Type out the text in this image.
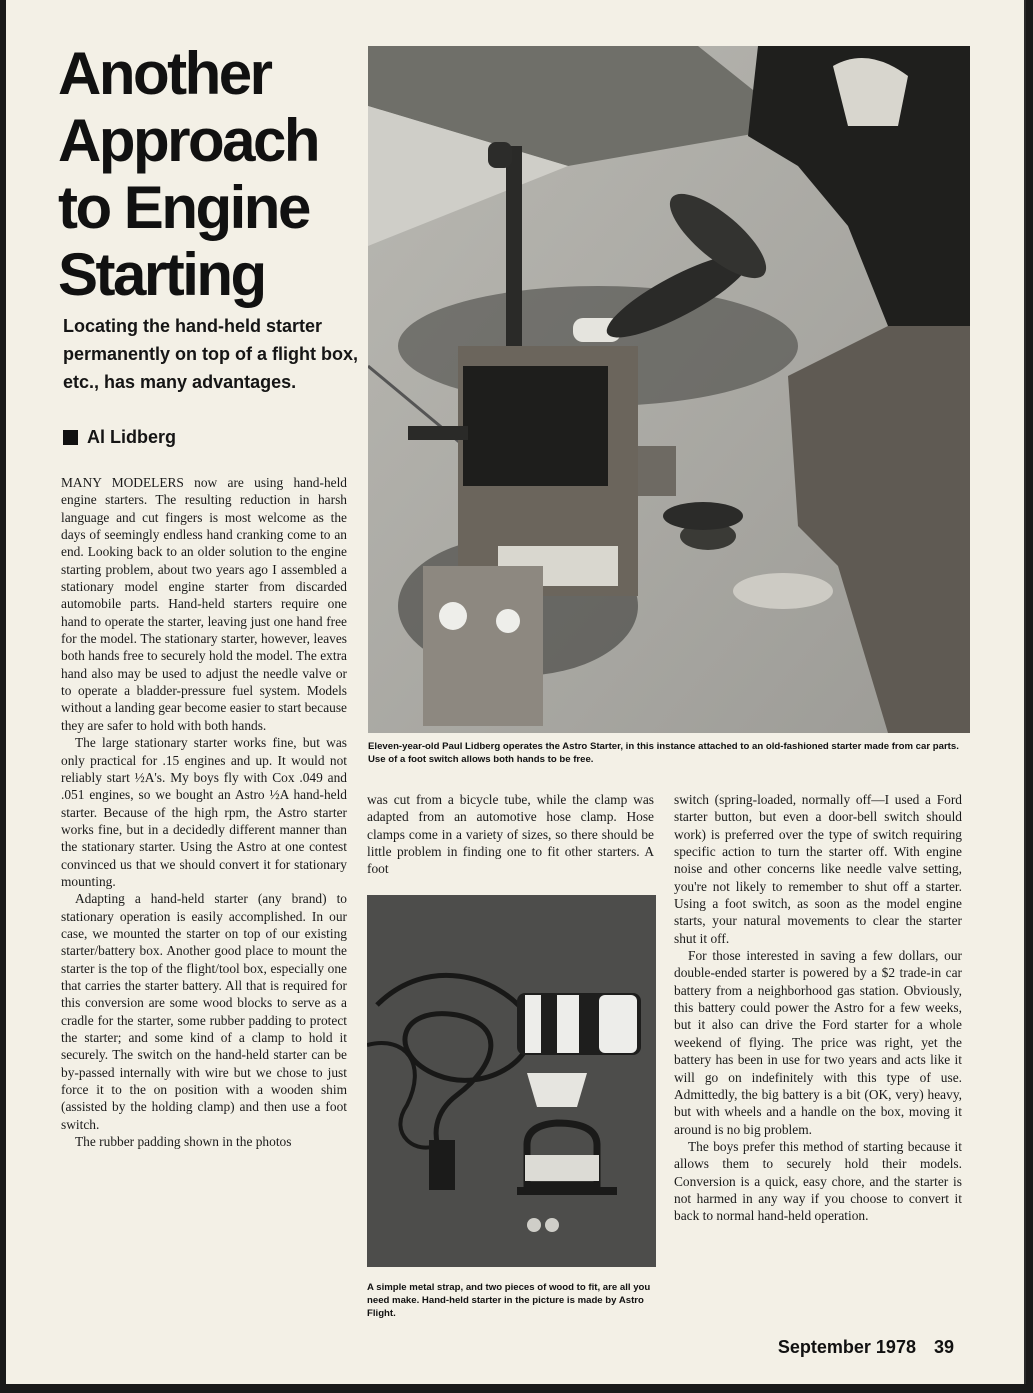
Another
Approach
to Engine
Starting
Locating the hand-held starter permanently on top of a flight box, etc., has many advantages.
Al Lidberg

MANY MODELERS now are using hand-held engine starters. The resulting reduction in harsh language and cut fingers is most welcome as the days of seemingly endless hand cranking come to an end. Looking back to an older solution to the engine starting problem, about two years ago I assembled a stationary model engine starter from discarded automobile parts. Hand-held starters require one hand to operate the starter, leaving just one hand free for the model. The stationary starter, however, leaves both hands free to securely hold the model. The extra hand also may be used to adjust the needle valve or to operate a bladder-pressure fuel system. Models without a landing gear become easier to start because they are safer to hold with both hands.

The large stationary starter works fine, but was only practical for .15 engines and up. It would not reliably start ½A's. My boys fly with Cox .049 and .051 engines, so we bought an Astro ½A hand-held starter. Because of the high rpm, the Astro starter works fine, but in a decidedly different manner than the stationary starter. Using the Astro at one contest convinced us that we should convert it for stationary mounting.

Adapting a hand-held starter (any brand) to stationary operation is easily accomplished. In our case, we mounted the starter on top of our existing starter/battery box. Another good place to mount the starter is the top of the flight/tool box, especially one that carries the starter battery. All that is required for this conversion are some wood blocks to serve as a cradle for the starter, some rubber padding to protect the starter; and some kind of a clamp to hold it securely. The switch on the hand-held starter can be by-passed internally with wire but we chose to just force it to the on position with a wooden shim (assisted by the holding clamp) and then use a foot switch.

The rubber padding shown in the photos

Eleven-year-old Paul Lidberg operates the Astro Starter, in this instance attached to an old-fashioned starter made from car parts. Use of a foot switch allows both hands to be free.

was cut from a bicycle tube, while the clamp was adapted from an automotive hose clamp. Hose clamps come in a variety of sizes, so there should be little problem in finding one to fit other starters. A foot

A simple metal strap, and two pieces of wood to fit, are all you need make. Hand-held starter in the picture is made by Astro Flight.

switch (spring-loaded, normally off—I used a Ford starter button, but even a door-bell switch should work) is preferred over the type of switch requiring specific action to turn the starter off. With engine noise and other concerns like needle valve setting, you're not likely to remember to shut off a starter. Using a foot switch, as soon as the model engine starts, your natural movements to clear the starter shut it off.

For those interested in saving a few dollars, our double-ended starter is powered by a $2 trade-in car battery from a neighborhood gas station. Obviously, this battery could power the Astro for a few weeks, but it also can drive the Ford starter for a whole weekend of flying. The price was right, yet the battery has been in use for two years and acts like it will go on indefinitely with this type of use. Admittedly, the big battery is a bit (OK, very) heavy, but with wheels and a handle on the box, moving it around is no big problem.

The boys prefer this method of starting because it allows them to securely hold their models. Conversion is a quick, easy chore, and the starter is not harmed in any way if you choose to convert it back to normal hand-held operation.

September 1978 39
